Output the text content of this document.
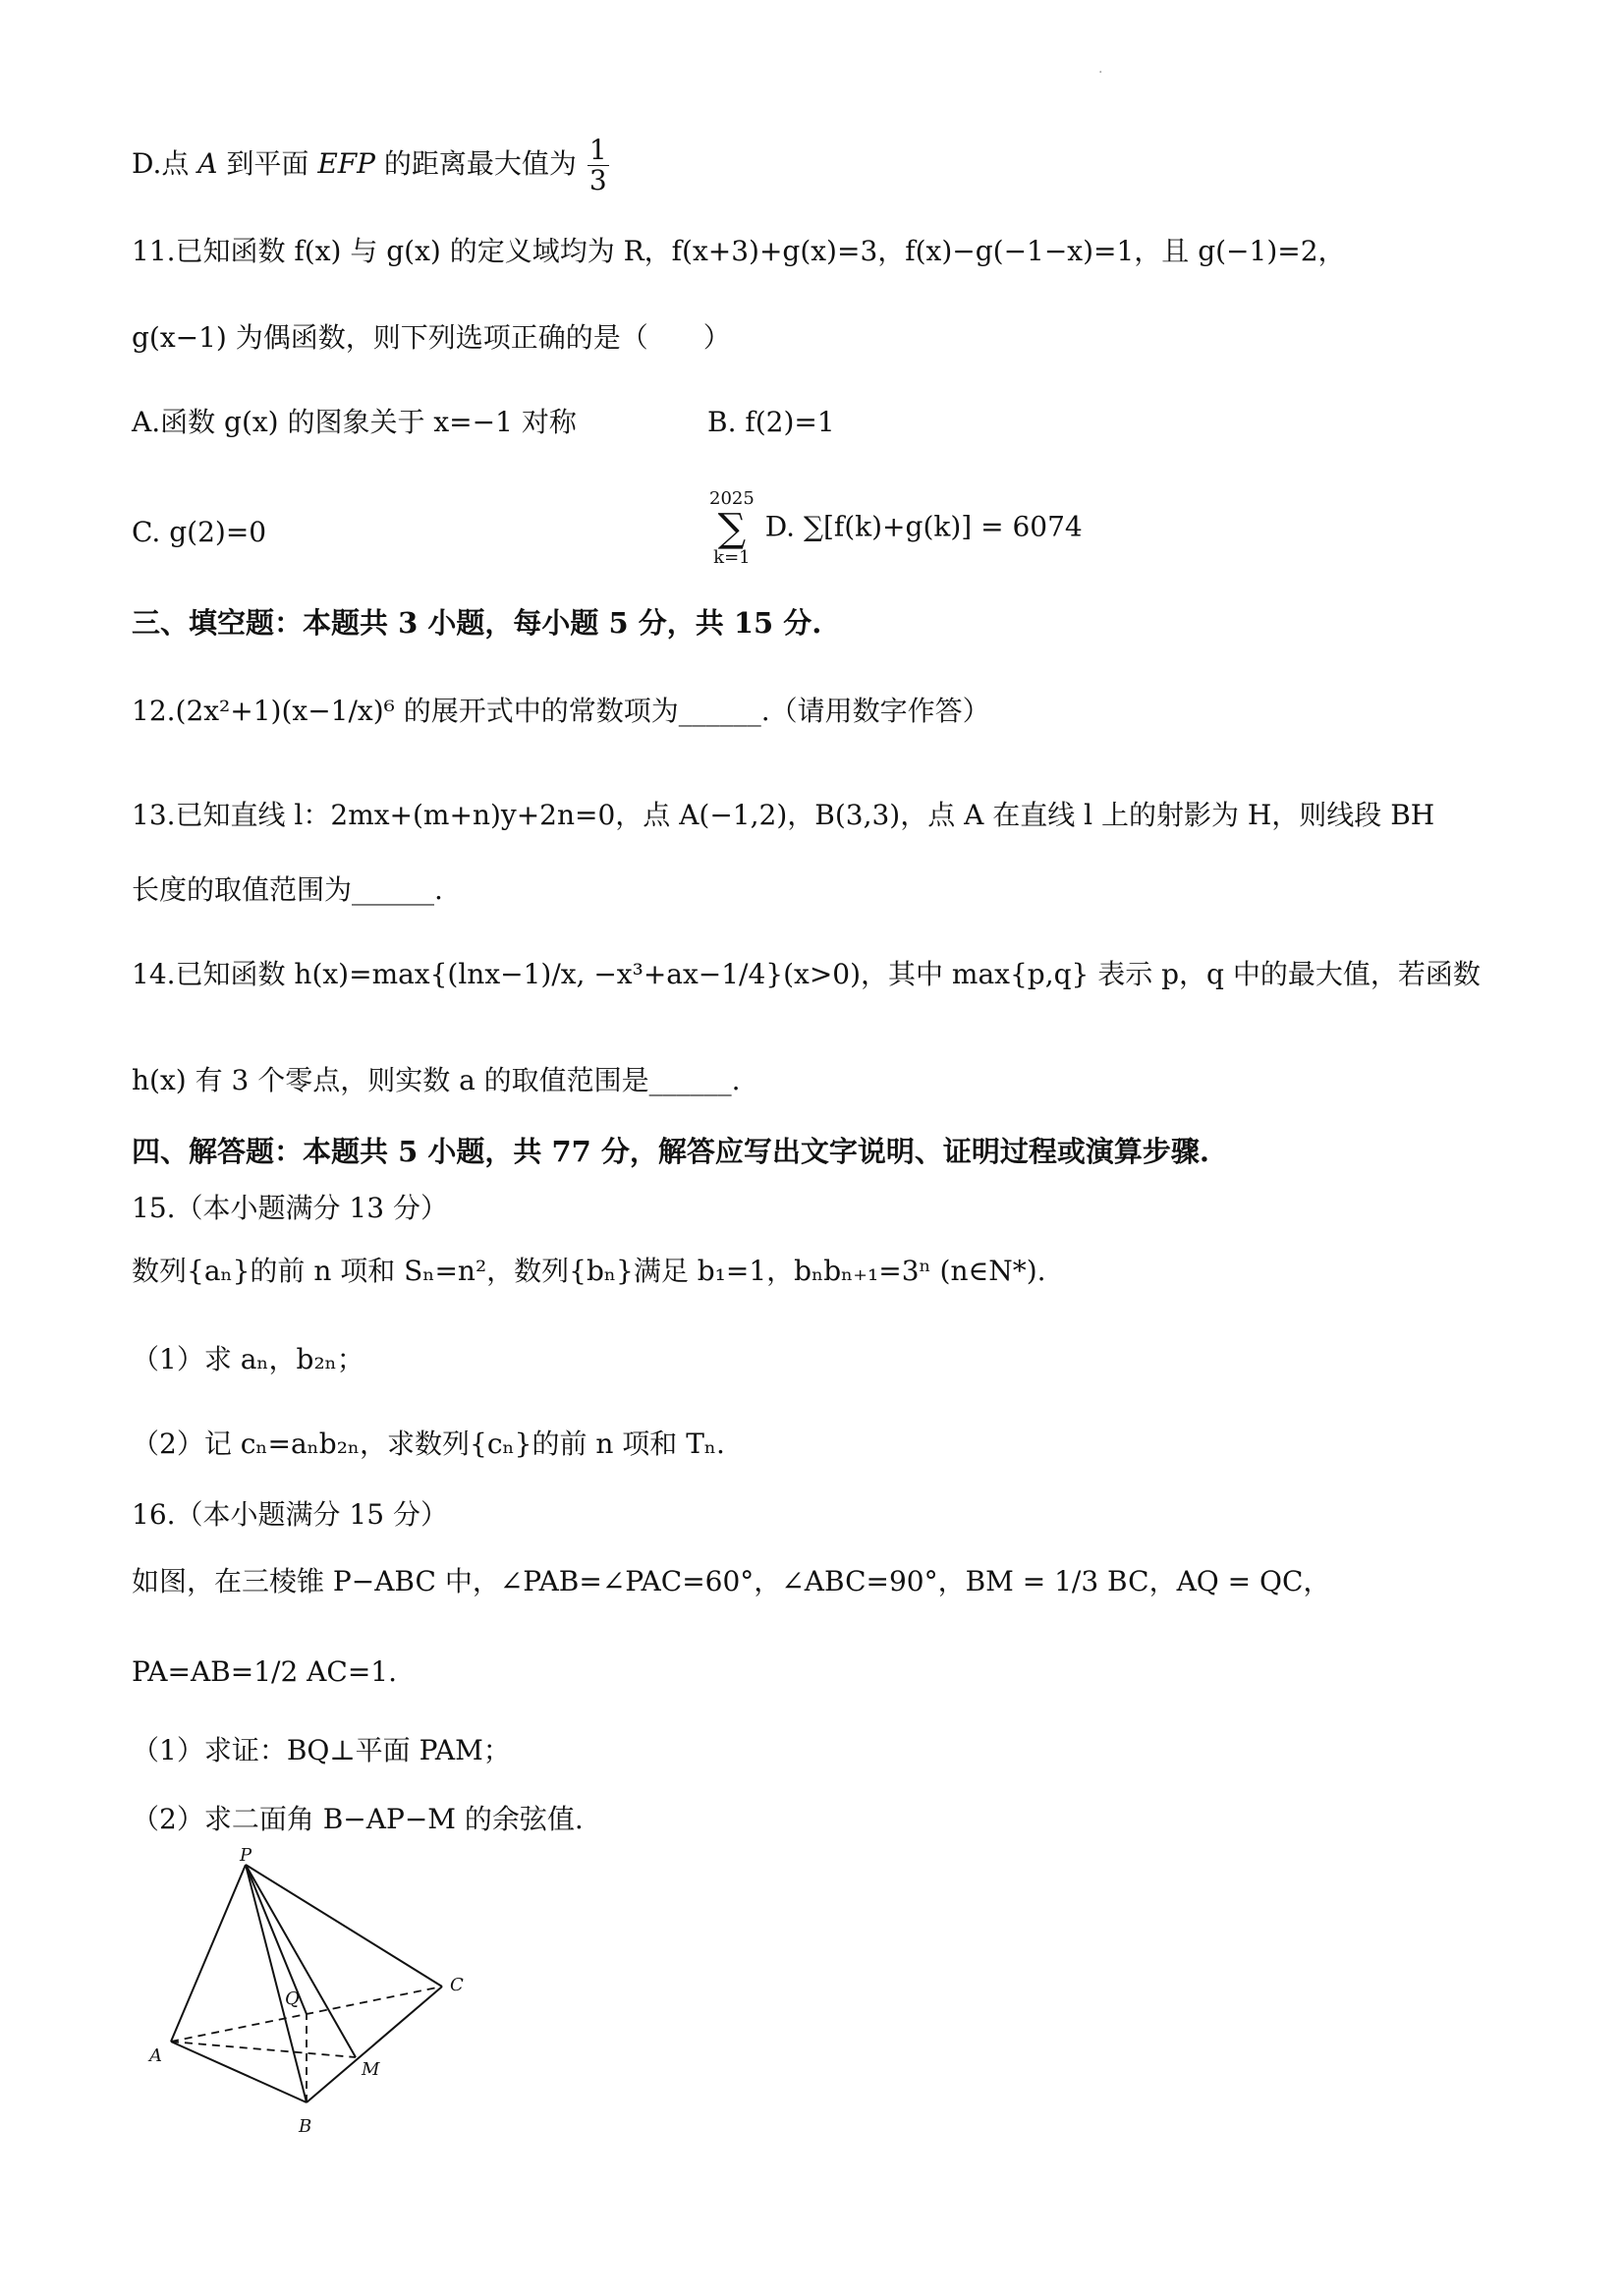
·
D.点 A 到平面 EFP 的距离最大值为 $\frac{1}{3}$
11.已知函数 f(x) 与 g(x) 的定义域均为 R，f(x+3)+g(x)=3，f(x)−g(−1−x)=1，且 g(−1)=2，
g(x−1) 为偶函数，则下列选项正确的是（　　）
A.函数 g(x) 的图象关于 x=−1 对称	B. f(2)=1
C. g(2)=0
2025
∑
k=1 D. ∑[f(k)+g(k)] = 6074
三、填空题：本题共 3 小题，每小题 5 分，共 15 分.
12.(2x²+1)(x−1/x)⁶ 的展开式中的常数项为______.（请用数字作答）
13.已知直线 l：2mx+(m+n)y+2n=0，点 A(−1,2)，B(3,3)，点 A 在直线 l 上的射影为 H，则线段 BH
长度的取值范围为______.
14.已知函数 h(x)=max{(lnx−1)/x, −x³+ax−1/4}(x>0)，其中 max{p,q} 表示 p，q 中的最大值，若函数
h(x) 有 3 个零点，则实数 a 的取值范围是______.
四、解答题：本题共 5 小题，共 77 分，解答应写出文字说明、证明过程或演算步骤.
15.（本小题满分 13 分）
数列{aₙ}的前 n 项和 Sₙ=n²，数列{bₙ}满足 b₁=1，bₙbₙ₊₁=3ⁿ (n∈N*).
（1）求 aₙ，b₂ₙ；
（2）记 cₙ=aₙb₂ₙ，求数列{cₙ}的前 n 项和 Tₙ.
16.（本小题满分 15 分）
如图，在三棱锥 P−ABC 中，∠PAB=∠PAC=60°，∠ABC=90°，BM = 1/3 BC，AQ = QC，
PA=AB=1/2 AC=1.
（1）求证：BQ⊥平面 PAM；
（2）求二面角 B−AP−M 的余弦值.
P
A
B
C
Q
M
